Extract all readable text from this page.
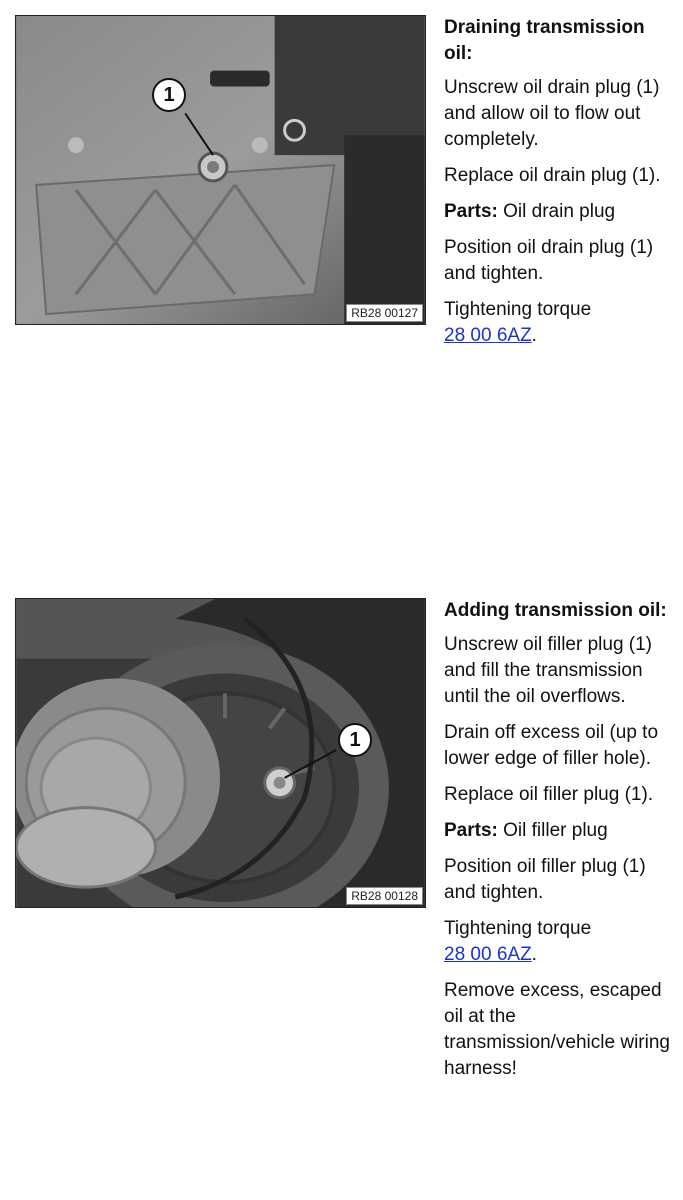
1
RB28 00127
Draining transmission oil:

Unscrew oil drain plug (1) and allow oil to flow out completely.

Replace oil drain plug (1).

Parts: Oil drain plug

Position oil drain plug (1) and tighten.

Tightening torque
28 00 6AZ.

1
RB28 00128
Adding transmission oil:

Unscrew oil filler plug (1) and fill the transmission until the oil overflows.

Drain off excess oil (up to lower edge of filler hole).

Replace oil filler plug (1).

Parts: Oil filler plug

Position oil filler plug (1) and tighten.

Tightening torque
28 00 6AZ.

Remove excess, escaped oil at the transmission/vehicle wiring harness!
